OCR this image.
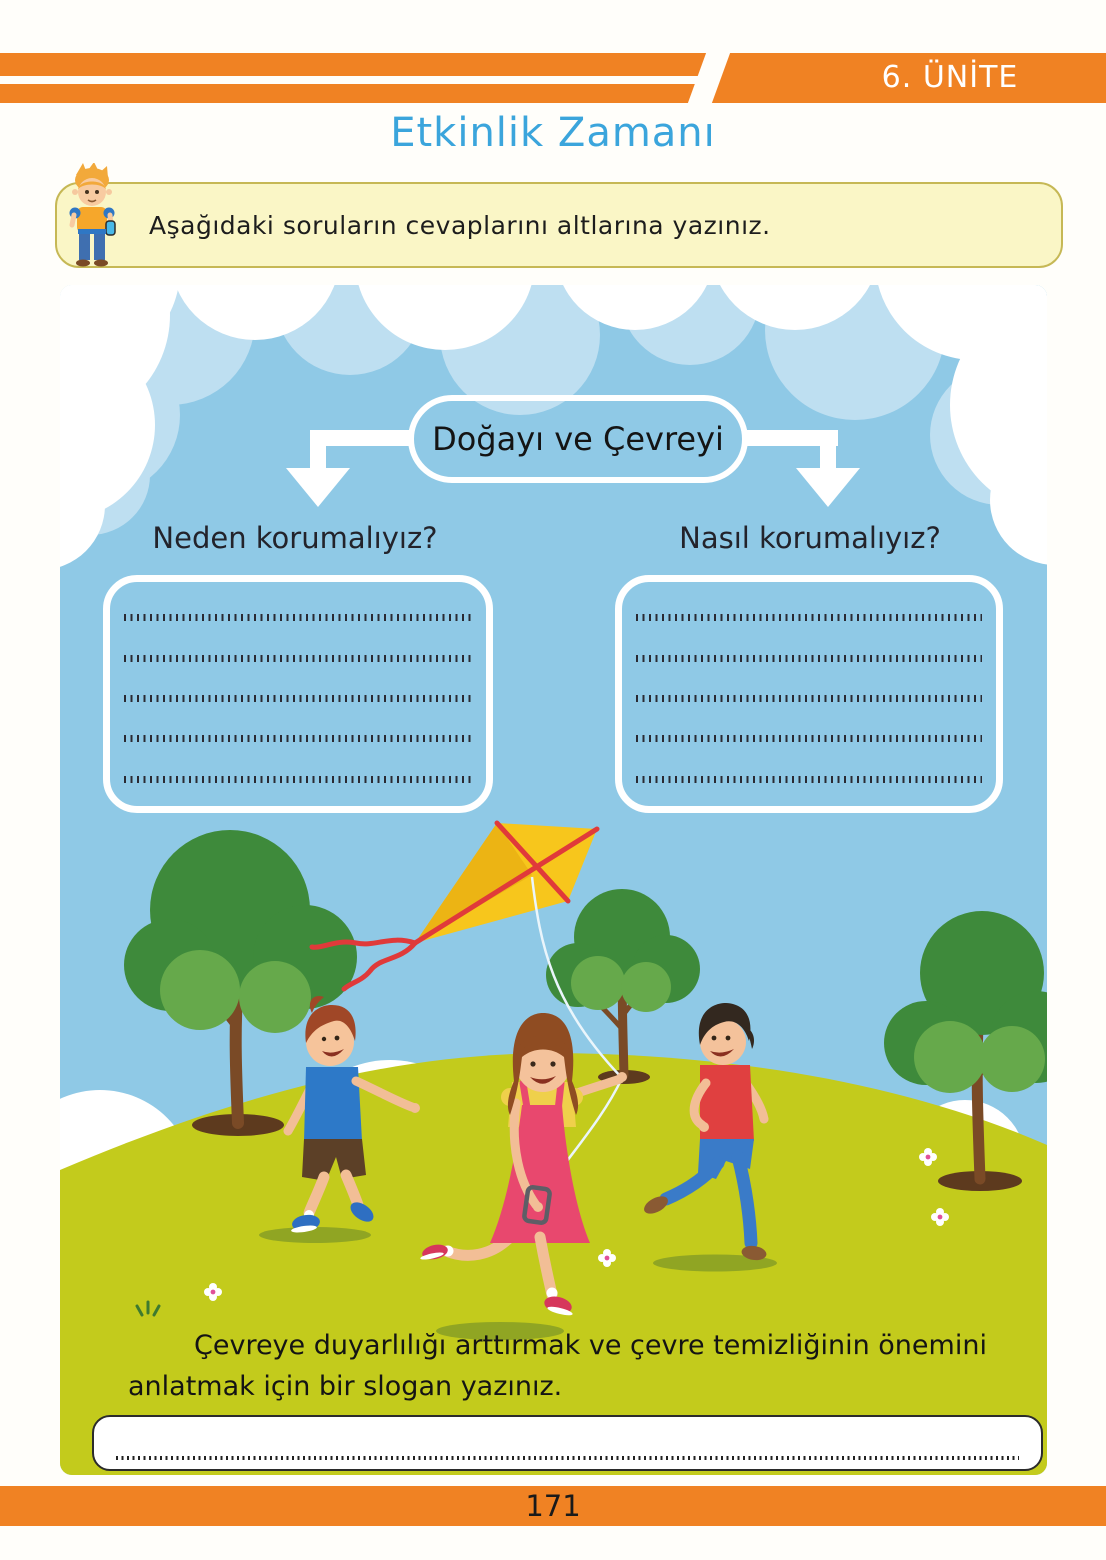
6. ÜNİTE
Etkinlik Zamanı
Aşağıdaki soruların cevaplarını altlarına yazınız.
Doğayı ve Çevreyi
Neden korumalıyız?	Nasıl korumalıyız?
Çevreye duyarlılığı arttırmak ve çevre temizliğinin önemini
anlatmak için bir slogan yazınız.
171
